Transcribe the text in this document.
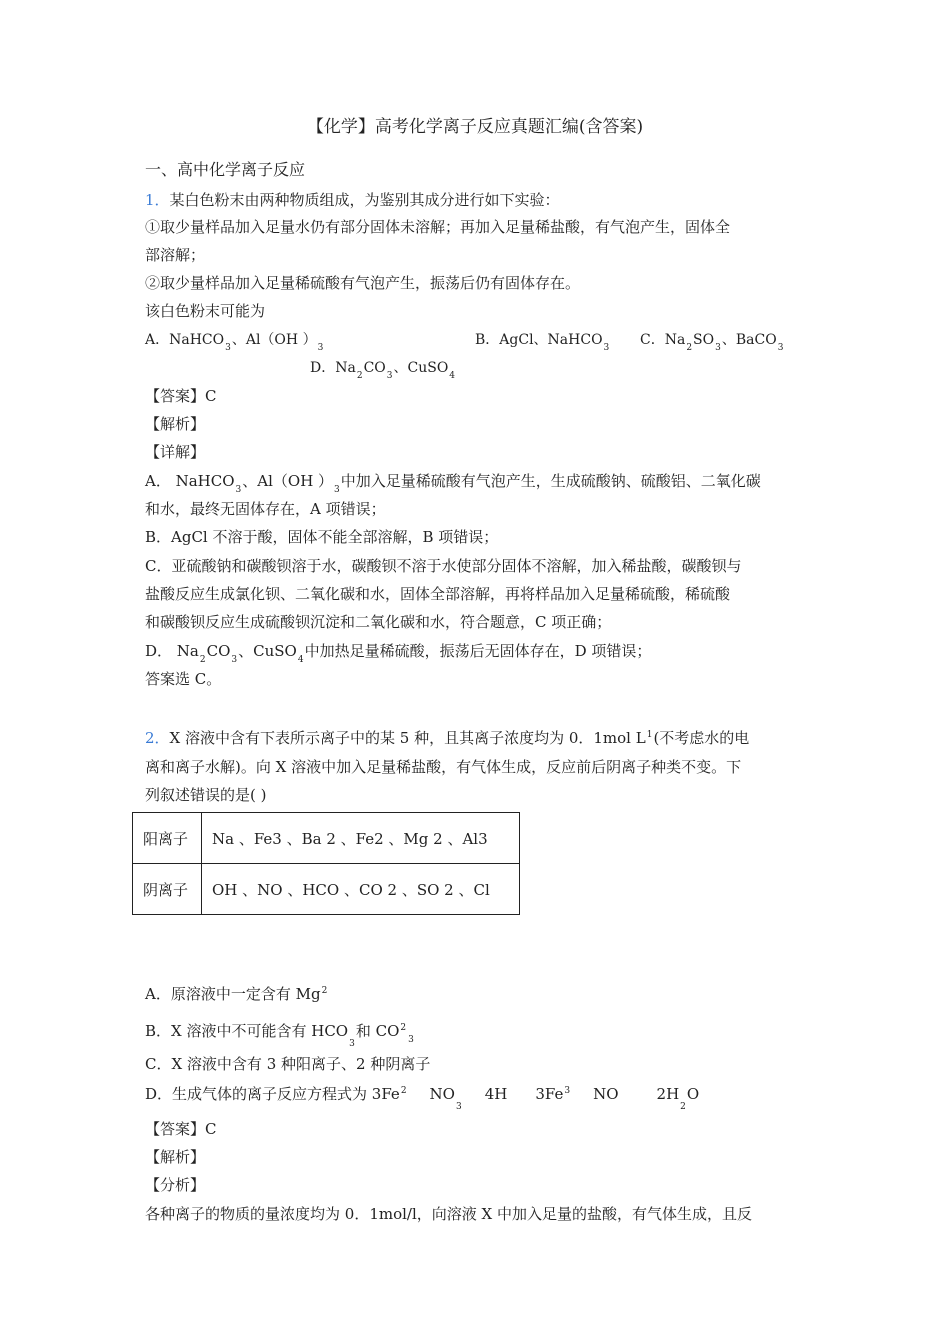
【化学】高考化学离子反应真题汇编(含答案)
一、高中化学离子反应
1．某白色粉末由两种物质组成，为鉴别其成分进行如下实验：
①取少量样品加入足量水仍有部分固体未溶解；再加入足量稀盐酸，有气泡产生，固体全
部溶解；
②取少量样品加入足量稀硫酸有气泡产生，振荡后仍有固体存在。
该白色粉末可能为
A．NaHCO$_3$、Al（OH ）$_3$	B．AgCl、NaHCO$_3$ C．$Na_2SO_3$、BaCO$_3$
D．$Na_2CO_3$、CuSO$_4$
【答案】C
【解析】
【详解】
A． NaHCO$_3$、Al（OH ）$_3$中加入足量稀硫酸有气泡产生，生成硫酸钠、硫酸铝、二氧化碳
和水，最终无固体存在，A 项错误；
B．AgCl 不溶于酸，固体不能全部溶解，B 项错误；
C．亚硫酸钠和碳酸钡溶于水，碳酸钡不溶于水使部分固体不溶解，加入稀盐酸，碳酸钡与
盐酸反应生成氯化钡、二氧化碳和水，固体全部溶解，再将样品加入足量稀硫酸，稀硫酸
和碳酸钡反应生成硫酸钡沉淀和二氧化碳和水，符合题意，C 项正确；
D． $Na_2CO_3$、CuSO$_4$中加热足量稀硫酸，振荡后无固体存在，D 项错误；
答案选 C。
2．X 溶液中含有下表所示离子中的某 5 种，且其离子浓度均为 0．1mol $L^1$(不考虑水的电
离和离子水解)。向 X 溶液中加入足量稀盐酸，有气体生成，反应前后阴离子种类不变。下
列叙述错误的是( )
阳离子	Na 、Fe3 、Ba 2 、Fe2 、Mg 2 、Al3
阴离子	OH 、NO 、HCO 、CO 2 、SO 2 、Cl
A．原溶液中一定含有 Mg$^2$
B．X 溶液中不可能含有 $HCO_3$和 $CO^2_3$
C．X 溶液中含有 3 种阳离子、2 种阴离子
D．生成气体的离子反应方程式为 3Fe$^2$ $NO_34H$ 3Fe$^3$ NO	$2H_2O$
【答案】C
【解析】
【分析】
各种离子的物质的量浓度均为 0．1mol/l，向溶液 X 中加入足量的盐酸，有气体生成，且反
